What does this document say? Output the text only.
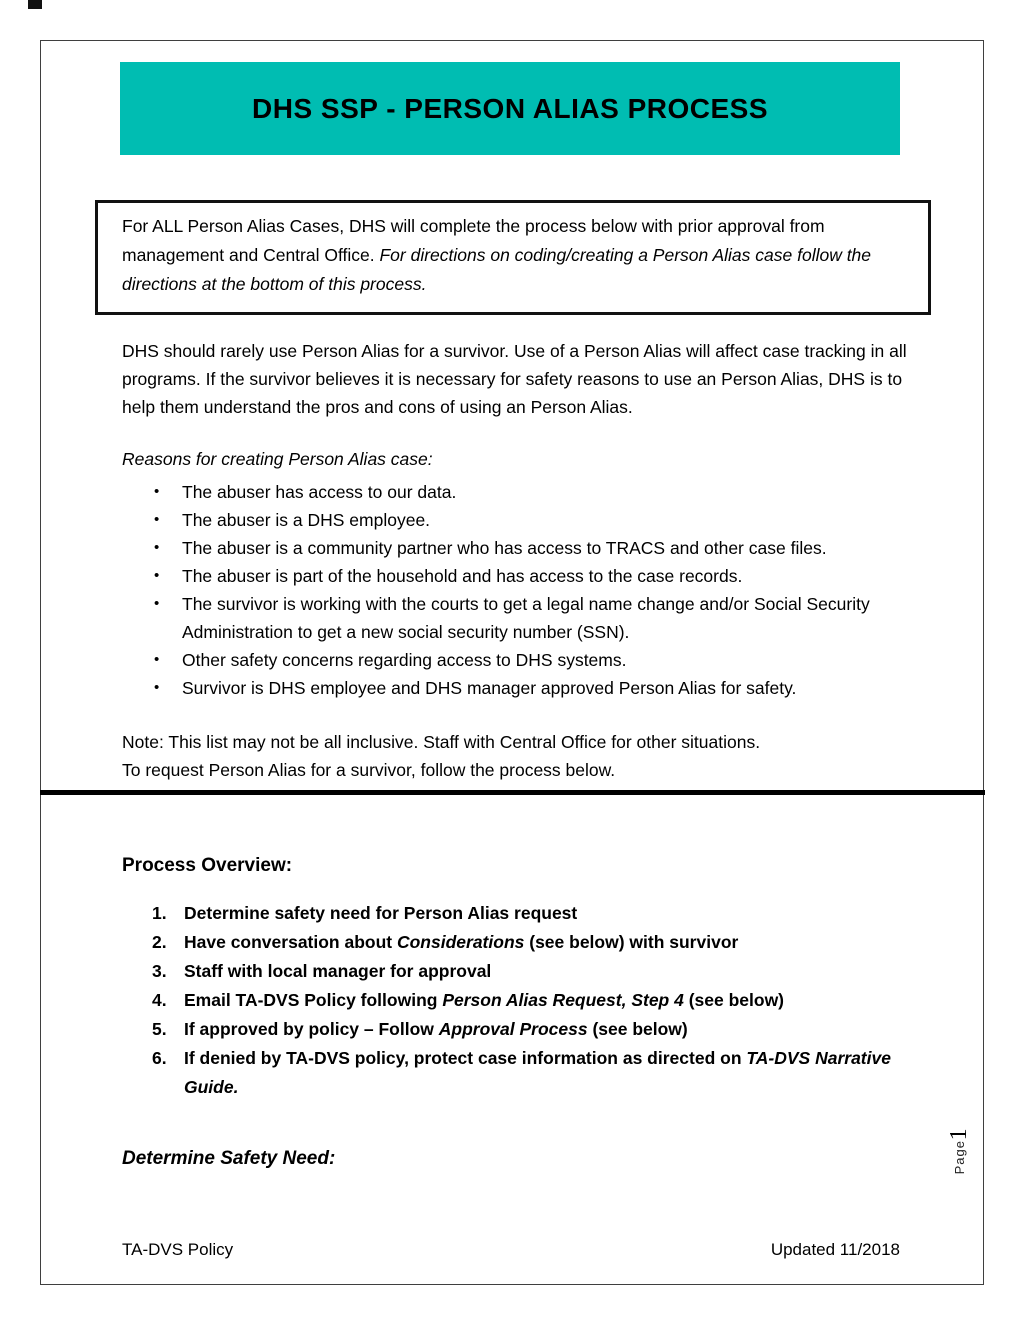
DHS SSP - PERSON ALIAS PROCESS
For ALL Person Alias Cases, DHS will complete the process below with prior approval from management and Central Office. For directions on coding/creating a Person Alias case follow the directions at the bottom of this process.

DHS should rarely use Person Alias for a survivor. Use of a Person Alias will affect case tracking in all programs. If the survivor believes it is necessary for safety reasons to use an Person Alias, DHS is to help them understand the pros and cons of using an Person Alias.

Reasons for creating Person Alias case:

• The abuser has access to our data.
• The abuser is a DHS employee.
• The abuser is a community partner who has access to TRACS and other case files.
• The abuser is part of the household and has access to the case records.
• The survivor is working with the courts to get a legal name change and/or Social Security Administration to get a new social security number (SSN).
• Other safety concerns regarding access to DHS systems.
• Survivor is DHS employee and DHS manager approved Person Alias for safety.
Note: This list may not be all inclusive. Staff with Central Office for other situations.
To request Person Alias for a survivor, follow the process below.
Process Overview:
1. Determine safety need for Person Alias request
2. Have conversation about Considerations (see below) with survivor
3. Staff with local manager for approval
4. Email TA-DVS Policy following Person Alias Request, Step 4 (see below)
5. If approved by policy – Follow Approval Process (see below)
6. If denied by TA-DVS policy, protect case information as directed on TA-DVS Narrative Guide.
Determine Safety Need:
TA-DVS Policy	Updated 11/2018
Page
1
